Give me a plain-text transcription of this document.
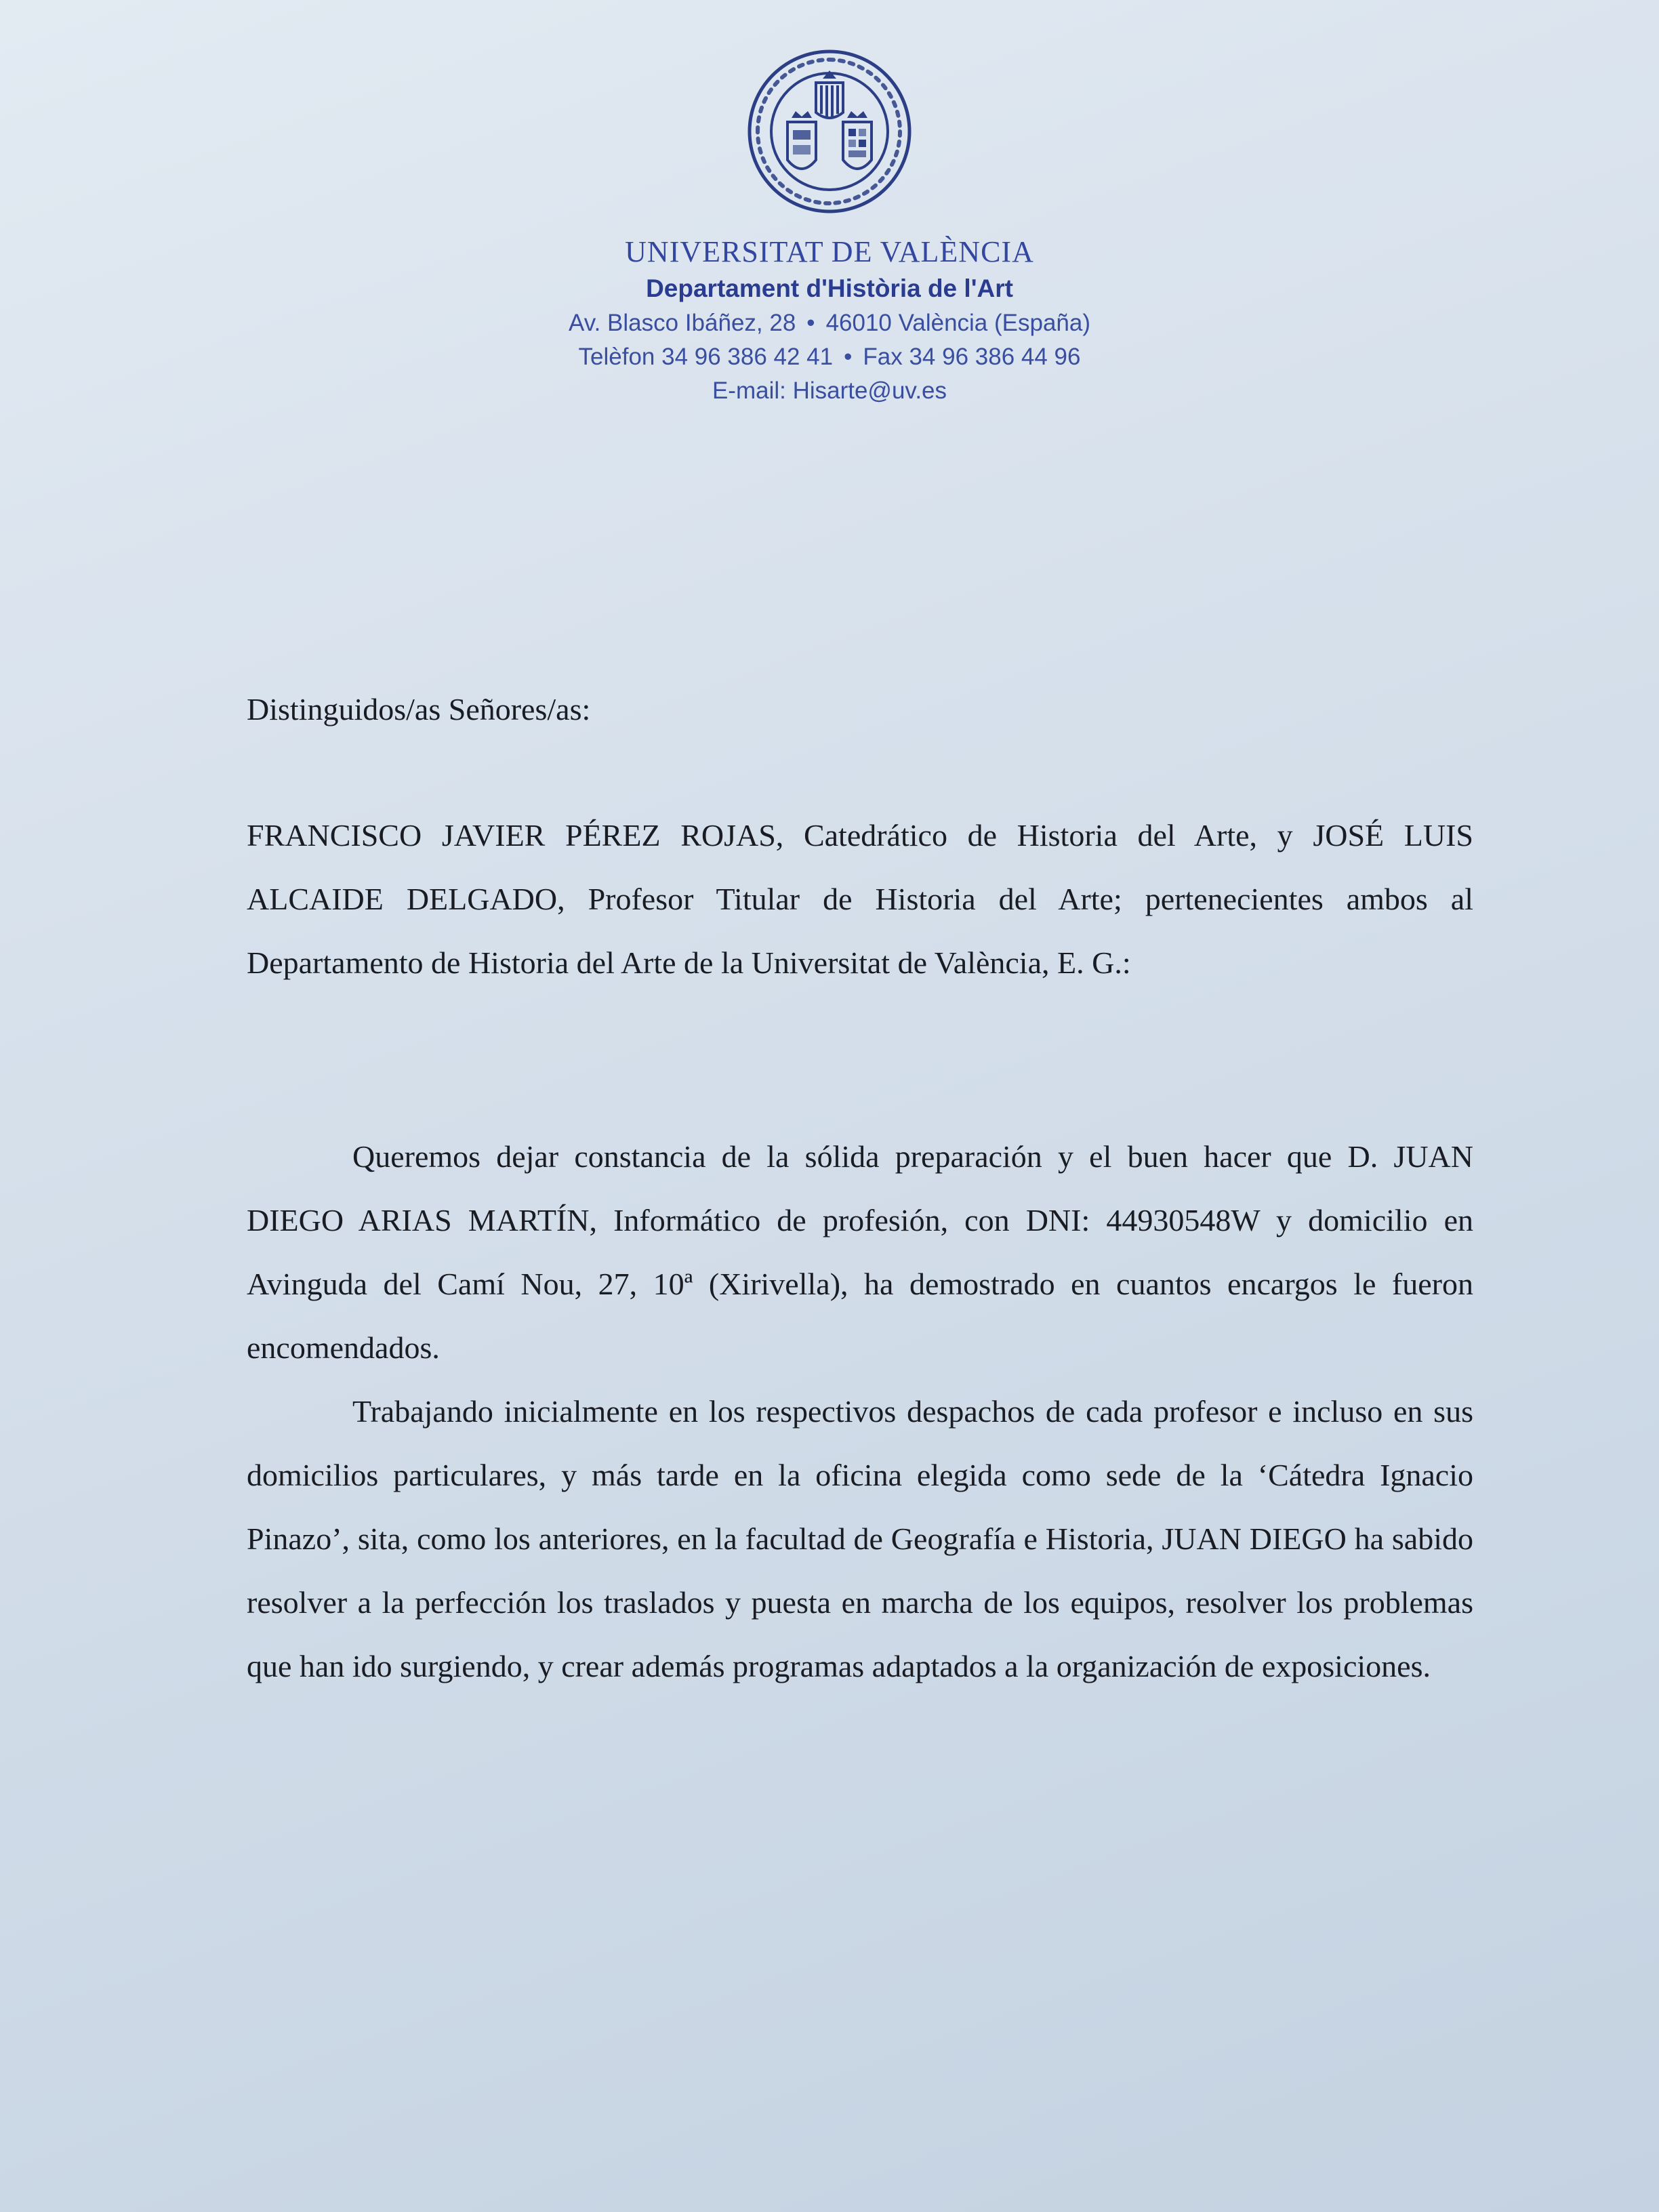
UNIVERSITAT DE VALÈNCIA
Departament d'Història de l'Art
Av. Blasco Ibáñez, 28 • 46010 València (España)
Telèfon 34 96 386 42 41 • Fax 34 96 386 44 96
E-mail: Hisarte@uv.es
Distinguidos/as Señores/as:

FRANCISCO JAVIER PÉREZ ROJAS, Catedrático de Historia del Arte, y JOSÉ LUIS ALCAIDE DELGADO, Profesor Titular de Historia del Arte; pertenecientes ambos al Departamento de Historia del Arte de la Universitat de València, E. G.:

Queremos dejar constancia de la sólida preparación y el buen hacer que D. JUAN DIEGO ARIAS MARTÍN, Informático de profesión, con DNI: 44930548W y domicilio en Avinguda del Camí Nou, 27, 10ª (Xirivella), ha demostrado en cuantos encargos le fueron encomendados.

Trabajando inicialmente en los respectivos despachos de cada profesor e incluso en sus domicilios particulares, y más tarde en la oficina elegida como sede de la ‘Cátedra Ignacio Pinazo’, sita, como los anteriores, en la facultad de Geografía e Historia, JUAN DIEGO ha sabido resolver a la perfección los traslados y puesta en marcha de los equipos, resolver los problemas que han ido surgiendo, y crear además programas adaptados a la organización de exposiciones.
